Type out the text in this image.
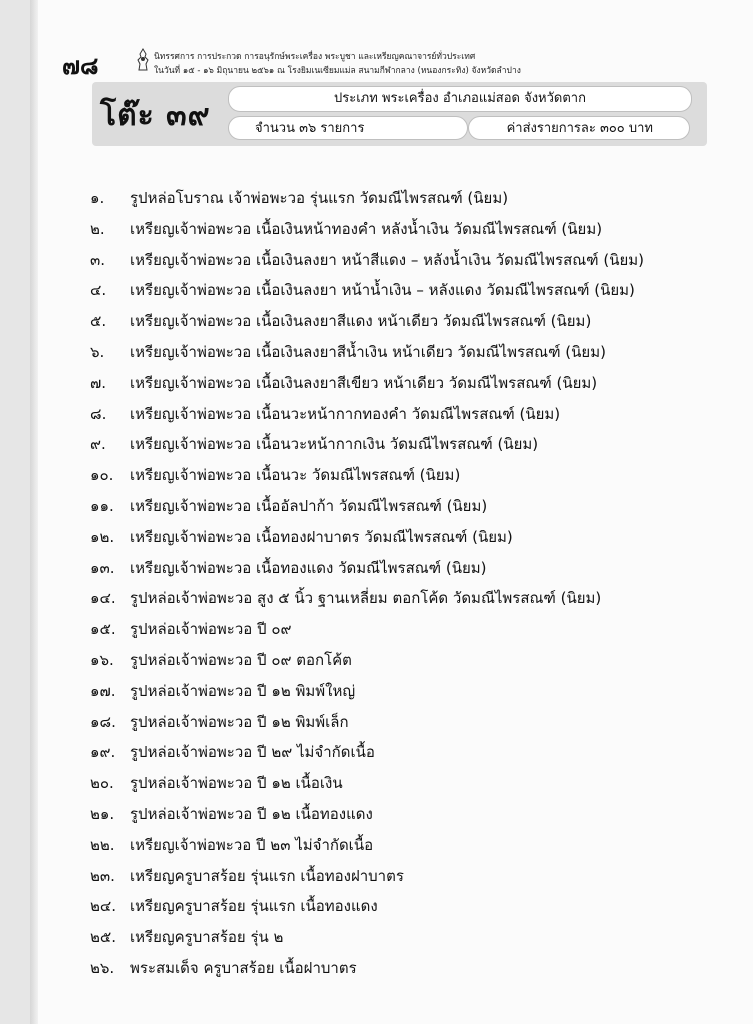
๗๘	นิทรรศการ การประกวด การอนุรักษ์พระเครื่อง พระบูชา และเหรียญคณาจารย์ทั่วประเทศ
ในวันที่ ๑๕ - ๑๖ มิถุนายน ๒๕๖๑ ณ โรงยิมเนเซียมแม่ล สนามกีฬากลาง (หนองกระทิง) จังหวัดลำปาง
โต๊ะ ๓๙	ประเภท พระเครื่อง อำเภอแม่สอด จังหวัดตาก
จำนวน ๓๖ รายการ	ค่าส่งรายการละ ๓๐๐ บาท
๑. รูปหล่อโบราณ เจ้าพ่อพะวอ รุ่นแรก วัดมณีไพรสณฑ์ (นิยม)
๒. เหรียญเจ้าพ่อพะวอ เนื้อเงินหน้าทองคำ หลังน้ำเงิน วัดมณีไพรสณฑ์ (นิยม)
๓. เหรียญเจ้าพ่อพะวอ เนื้อเงินลงยา หน้าสีแดง – หลังน้ำเงิน วัดมณีไพรสณฑ์ (นิยม)
๔. เหรียญเจ้าพ่อพะวอ เนื้อเงินลงยา หน้าน้ำเงิน – หลังแดง วัดมณีไพรสณฑ์ (นิยม)
๕. เหรียญเจ้าพ่อพะวอ เนื้อเงินลงยาสีแดง หน้าเดียว วัดมณีไพรสณฑ์ (นิยม)
๖. เหรียญเจ้าพ่อพะวอ เนื้อเงินลงยาสีน้ำเงิน หน้าเดียว วัดมณีไพรสณฑ์ (นิยม)
๗. เหรียญเจ้าพ่อพะวอ เนื้อเงินลงยาสีเขียว หน้าเดียว วัดมณีไพรสณฑ์ (นิยม)
๘. เหรียญเจ้าพ่อพะวอ เนื้อนวะหน้ากากทองคำ วัดมณีไพรสณฑ์ (นิยม)
๙. เหรียญเจ้าพ่อพะวอ เนื้อนวะหน้ากากเงิน วัดมณีไพรสณฑ์ (นิยม)
๑๐. เหรียญเจ้าพ่อพะวอ เนื้อนวะ วัดมณีไพรสณฑ์ (นิยม)
๑๑. เหรียญเจ้าพ่อพะวอ เนื้ออัลปาก้า วัดมณีไพรสณฑ์ (นิยม)
๑๒. เหรียญเจ้าพ่อพะวอ เนื้อทองฝาบาตร วัดมณีไพรสณฑ์ (นิยม)
๑๓. เหรียญเจ้าพ่อพะวอ เนื้อทองแดง วัดมณีไพรสณฑ์ (นิยม)
๑๔. รูปหล่อเจ้าพ่อพะวอ สูง ๕ นิ้ว ฐานเหลี่ยม ตอกโค้ด วัดมณีไพรสณฑ์ (นิยม)
๑๕. รูปหล่อเจ้าพ่อพะวอ ปี ๐๙
๑๖. รูปหล่อเจ้าพ่อพะวอ ปี ๐๙ ตอกโค้ต
๑๗. รูปหล่อเจ้าพ่อพะวอ ปี ๑๒ พิมพ์ใหญ่
๑๘. รูปหล่อเจ้าพ่อพะวอ ปี ๑๒ พิมพ์เล็ก
๑๙. รูปหล่อเจ้าพ่อพะวอ ปี ๒๙ ไม่จำกัดเนื้อ
๒๐. รูปหล่อเจ้าพ่อพะวอ ปี ๑๒ เนื้อเงิน
๒๑. รูปหล่อเจ้าพ่อพะวอ ปี ๑๒ เนื้อทองแดง
๒๒. เหรียญเจ้าพ่อพะวอ ปี ๒๓ ไม่จำกัดเนื้อ
๒๓. เหรียญครูบาสร้อย รุ่นแรก เนื้อทองฝาบาตร
๒๔. เหรียญครูบาสร้อย รุ่นแรก เนื้อทองแดง
๒๕. เหรียญครูบาสร้อย รุ่น ๒
๒๖. พระสมเด็จ ครูบาสร้อย เนื้อฝาบาตร
